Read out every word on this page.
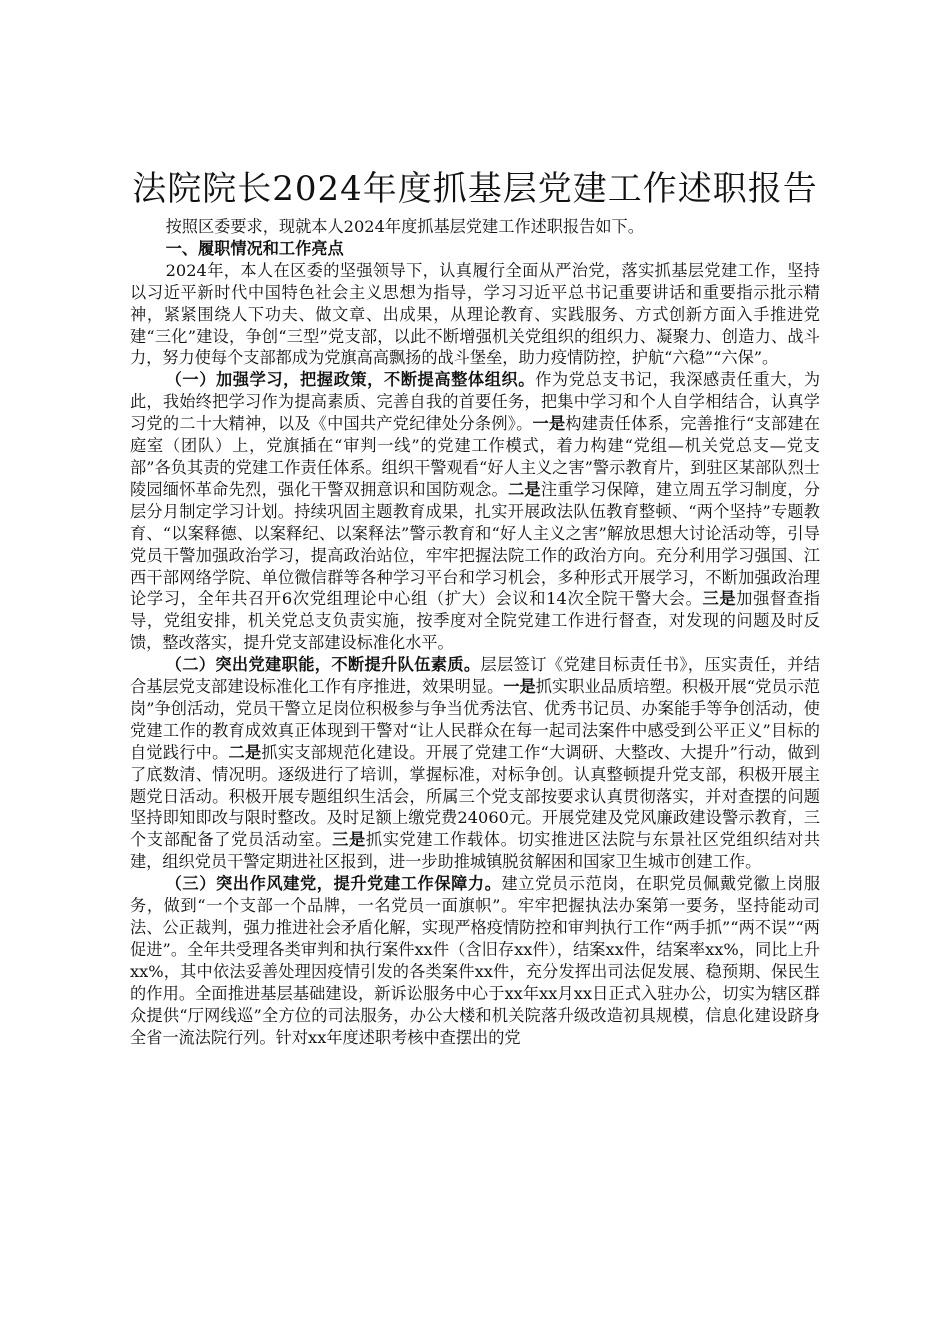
法院院长2024年度抓基层党建工作述职报告

按照区委要求，现就本人2024年度抓基层党建工作述职报告如下。

一、履职情况和工作亮点

2024年，本人在区委的坚强领导下，认真履行全面从严治党，落实抓基层党建工作，坚持以习近平新时代中国特色社会主义思想为指导，学习习近平总书记重要讲话和重要指示批示精神，紧紧围绕人下功夫、做文章、出成果，从理论教育、实践服务、方式创新方面入手推进党建“三化”建设，争创“三型”党支部，以此不断增强机关党组织的组织力、凝聚力、创造力、战斗力，努力使每个支部都成为党旗高高飘扬的战斗堡垒，助力疫情防控，护航“六稳”“六保”。

（一）加强学习，把握政策，不断提高整体组织。作为党总支书记，我深感责任重大，为此，我始终把学习作为提高素质、完善自我的首要任务，把集中学习和个人自学相结合，认真学习党的二十大精神，以及《中国共产党纪律处分条例》。一是构建责任体系，完善推行“支部建在庭室（团队）上，党旗插在“审判一线”的党建工作模式，着力构建“党组—机关党总支—党支部”各负其责的党建工作责任体系。组织干警观看“好人主义之害”警示教育片，到驻区某部队烈士陵园缅怀革命先烈，强化干警双拥意识和国防观念。二是注重学习保障，建立周五学习制度，分层分月制定学习计划。持续巩固主题教育成果，扎实开展政法队伍教育整顿、“两个坚持”专题教育、“以案释德、以案释纪、以案释法”警示教育和“好人主义之害”解放思想大讨论活动等，引导党员干警加强政治学习，提高政治站位，牢牢把握法院工作的政治方向。充分利用学习强国、江西干部网络学院、单位微信群等各种学习平台和学习机会，多种形式开展学习，不断加强政治理论学习，全年共召开6次党组理论中心组（扩大）会议和14次全院干警大会。三是加强督查指导，党组安排，机关党总支负责实施，按季度对全院党建工作进行督查，对发现的问题及时反馈，整改落实，提升党支部建设标准化水平。

（二）突出党建职能，不断提升队伍素质。层层签订《党建目标责任书》，压实责任，并结合基层党支部建设标准化工作有序推进，效果明显。一是抓实职业品质培塑。积极开展“党员示范岗”争创活动，党员干警立足岗位积极参与争当优秀法官、优秀书记员、办案能手等争创活动，使党建工作的教育成效真正体现到干警对“让人民群众在每一起司法案件中感受到公平正义”目标的自觉践行中。二是抓实支部规范化建设。开展了党建工作“大调研、大整改、大提升”行动，做到了底数清、情况明。逐级进行了培训，掌握标准，对标争创。认真整顿提升党支部，积极开展主题党日活动。积极开展专题组织生活会，所属三个党支部按要求认真贯彻落实，并对查摆的问题坚持即知即改与限时整改。及时足额上缴党费24060元。开展党建及党风廉政建设警示教育，三个支部配备了党员活动室。三是抓实党建工作载体。切实推进区法院与东景社区党组织结对共建，组织党员干警定期进社区报到，进一步助推城镇脱贫解困和国家卫生城市创建工作。

（三）突出作风建党，提升党建工作保障力。建立党员示范岗，在职党员佩戴党徽上岗服务，做到“一个支部一个品牌，一名党员一面旗帜”。牢牢把握执法办案第一要务，坚持能动司法、公正裁判，强力推进社会矛盾化解，实现严格疫情防控和审判执行工作“两手抓”“两不误”“两促进”。全年共受理各类审判和执行案件xx件（含旧存xx件），结案xx件，结案率xx%，同比上升xx%，其中依法妥善处理因疫情引发的各类案件xx件，充分发挥出司法促发展、稳预期、保民生的作用。全面推进基层基础建设，新诉讼服务中心于xx年xx月xx日正式入驻办公，切实为辖区群众提供“厅网线巡”全方位的司法服务，办公大楼和机关院落升级改造初具规模，信息化建设跻身全省一流法院行列。针对xx年度述职考核中查摆出的党
